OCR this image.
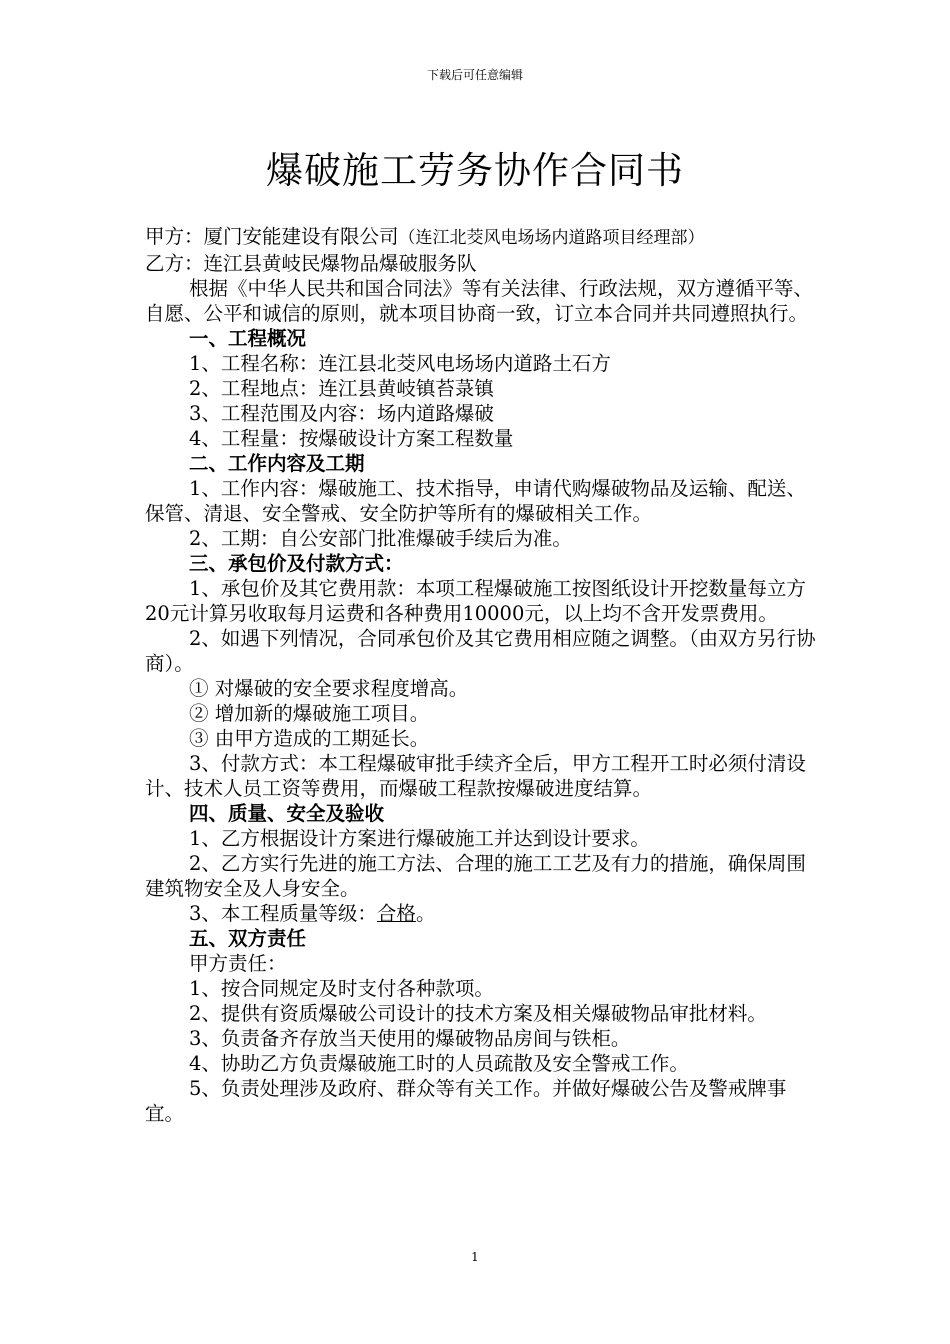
下载后可任意编辑
爆破施工劳务协作合同书

甲方：厦门安能建设有限公司（连江北茭风电场场内道路项目经理部）

乙方：连江县黄岐民爆物品爆破服务队

根据《中华人民共和国合同法》等有关法律、行政法规，双方遵循平等、自愿、公平和诚信的原则，就本项目协商一致，订立本合同并共同遵照执行。

一、工程概况

1、工程名称：连江县北茭风电场场内道路土石方

2、工程地点：连江县黄岐镇苔菉镇

3、工程范围及内容：场内道路爆破

4、工程量：按爆破设计方案工程数量

二、工作内容及工期

1、工作内容：爆破施工、技术指导，申请代购爆破物品及运输、配送、保管、清退、安全警戒、安全防护等所有的爆破相关工作。

2、工期：自公安部门批准爆破手续后为准。

三、承包价及付款方式：

1、承包价及其它费用款：本项工程爆破施工按图纸设计开挖数量每立方20元计算另收取每月运费和各种费用10000元，以上均不含开发票费用。

2、如遇下列情况，合同承包价及其它费用相应随之调整。（由双方另行协商）。

① 对爆破的安全要求程度增高。

② 增加新的爆破施工项目。

③ 由甲方造成的工期延长。

3、付款方式：本工程爆破审批手续齐全后，甲方工程开工时必须付清设计、技术人员工资等费用，而爆破工程款按爆破进度结算。

四、质量、安全及验收

1、乙方根据设计方案进行爆破施工并达到设计要求。

2、乙方实行先进的施工方法、合理的施工工艺及有力的措施，确保周围建筑物安全及人身安全。

3、本工程质量等级：合格。

五、双方责任

甲方责任：

1、按合同规定及时支付各种款项。

2、提供有资质爆破公司设计的技术方案及相关爆破物品审批材料。

3、负责备齐存放当天使用的爆破物品房间与铁柜。

4、协助乙方负责爆破施工时的人员疏散及安全警戒工作。

5、负责处理涉及政府、群众等有关工作。并做好爆破公告及警戒牌事宜。

1
